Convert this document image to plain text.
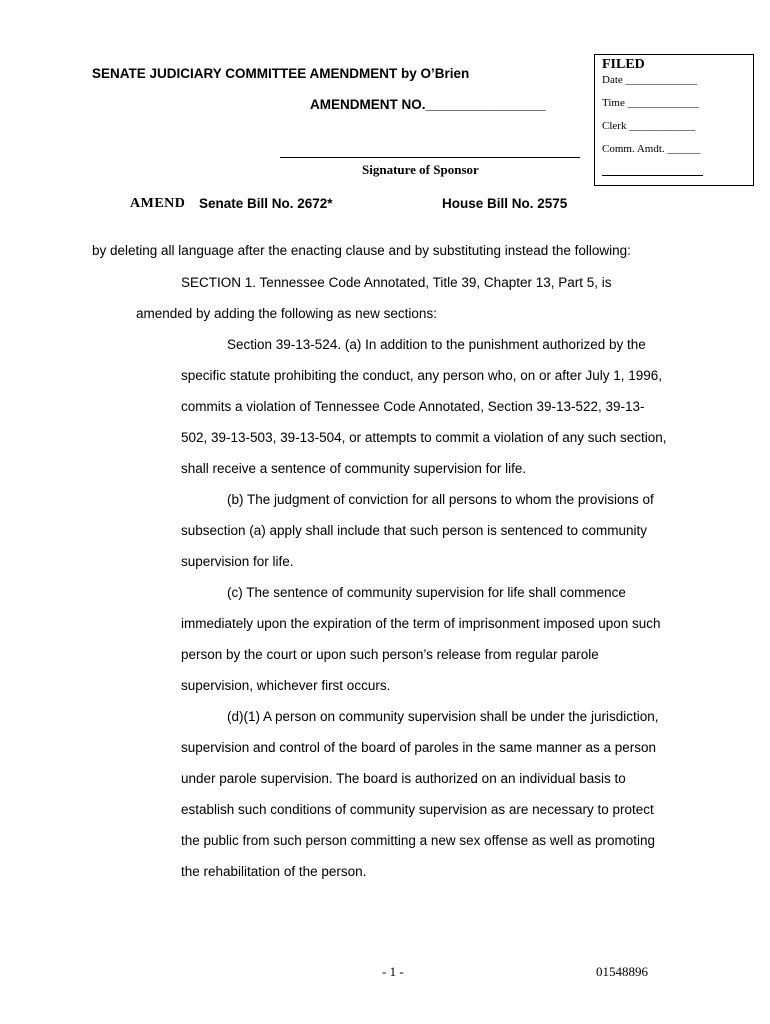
SENATE JUDICIARY COMMITTEE AMENDMENT by O’Brien
AMENDMENT NO.________________
Signature of Sponsor
FILED
Date _____________
Time _____________
Clerk ____________
Comm. Amdt. ______
AMEND Senate Bill No. 2672*	House Bill No. 2575
by deleting all language after the enacting clause and by substituting instead the following:
SECTION 1. Tennessee Code Annotated, Title 39, Chapter 13, Part 5, is
amended by adding the following as new sections:
Section 39-13-524. (a) In addition to the punishment authorized by the
specific statute prohibiting the conduct, any person who, on or after July 1, 1996,
commits a violation of Tennessee Code Annotated, Section 39-13-522, 39-13-
502, 39-13-503, 39-13-504, or attempts to commit a violation of any such section,
shall receive a sentence of community supervision for life.
(b) The judgment of conviction for all persons to whom the provisions of
subsection (a) apply shall include that such person is sentenced to community
supervision for life.
(c) The sentence of community supervision for life shall commence
immediately upon the expiration of the term of imprisonment imposed upon such
person by the court or upon such person’s release from regular parole
supervision, whichever first occurs.
(d)(1) A person on community supervision shall be under the jurisdiction,
supervision and control of the board of paroles in the same manner as a person
under parole supervision. The board is authorized on an individual basis to
establish such conditions of community supervision as are necessary to protect
the public from such person committing a new sex offense as well as promoting
the rehabilitation of the person.
- 1 -	01548896
